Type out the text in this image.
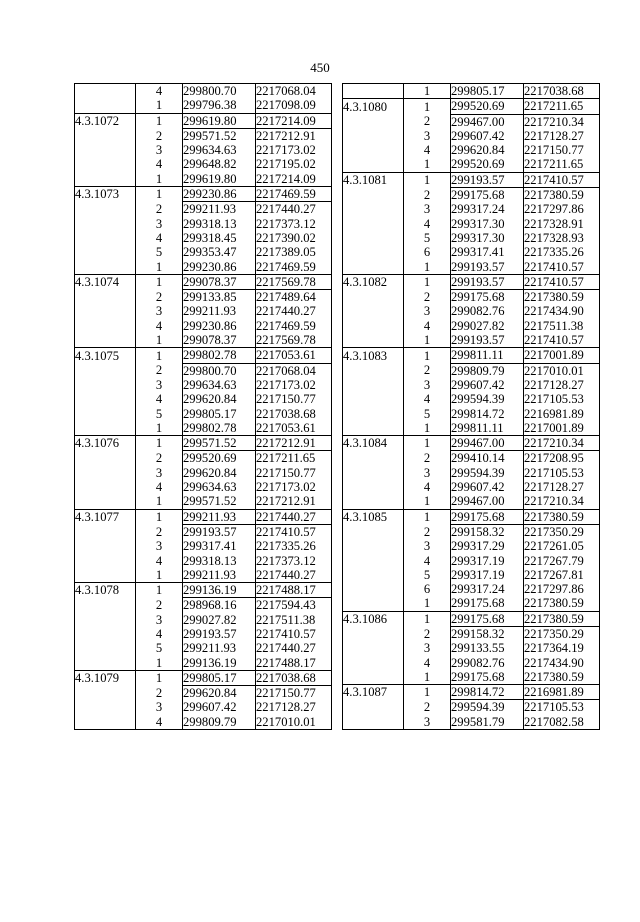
450
	4	299800.70	2217068.04
	1	299796.38	2217098.09
4.3.1072	1	299619.80	2217214.09
	2	299571.52	2217212.91
	3	299634.63	2217173.02
	4	299648.82	2217195.02
	1	299619.80	2217214.09
4.3.1073	1	299230.86	2217469.59
	2	299211.93	2217440.27
	3	299318.13	2217373.12
	4	299318.45	2217390.02
	5	299353.47	2217389.05
	1	299230.86	2217469.59
4.3.1074	1	299078.37	2217569.78
	2	299133.85	2217489.64
	3	299211.93	2217440.27
	4	299230.86	2217469.59
	1	299078.37	2217569.78
4.3.1075	1	299802.78	2217053.61
	2	299800.70	2217068.04
	3	299634.63	2217173.02
	4	299620.84	2217150.77
	5	299805.17	2217038.68
	1	299802.78	2217053.61
4.3.1076	1	299571.52	2217212.91
	2	299520.69	2217211.65
	3	299620.84	2217150.77
	4	299634.63	2217173.02
	1	299571.52	2217212.91
4.3.1077	1	299211.93	2217440.27
	2	299193.57	2217410.57
	3	299317.41	2217335.26
	4	299318.13	2217373.12
	1	299211.93	2217440.27
4.3.1078	1	299136.19	2217488.17
	2	298968.16	2217594.43
	3	299027.82	2217511.38
	4	299193.57	2217410.57
	5	299211.93	2217440.27
	1	299136.19	2217488.17
4.3.1079	1	299805.17	2217038.68
	2	299620.84	2217150.77
	3	299607.42	2217128.27
	4	299809.79	2217010.01
	1	299805.17	2217038.68
4.3.1080	1	299520.69	2217211.65
	2	299467.00	2217210.34
	3	299607.42	2217128.27
	4	299620.84	2217150.77
	1	299520.69	2217211.65
4.3.1081	1	299193.57	2217410.57
	2	299175.68	2217380.59
	3	299317.24	2217297.86
	4	299317.30	2217328.91
	5	299317.30	2217328.93
	6	299317.41	2217335.26
	1	299193.57	2217410.57
4.3.1082	1	299193.57	2217410.57
	2	299175.68	2217380.59
	3	299082.76	2217434.90
	4	299027.82	2217511.38
	1	299193.57	2217410.57
4.3.1083	1	299811.11	2217001.89
	2	299809.79	2217010.01
	3	299607.42	2217128.27
	4	299594.39	2217105.53
	5	299814.72	2216981.89
	1	299811.11	2217001.89
4.3.1084	1	299467.00	2217210.34
	2	299410.14	2217208.95
	3	299594.39	2217105.53
	4	299607.42	2217128.27
	1	299467.00	2217210.34
4.3.1085	1	299175.68	2217380.59
	2	299158.32	2217350.29
	3	299317.29	2217261.05
	4	299317.19	2217267.79
	5	299317.19	2217267.81
	6	299317.24	2217297.86
	1	299175.68	2217380.59
4.3.1086	1	299175.68	2217380.59
	2	299158.32	2217350.29
	3	299133.55	2217364.19
	4	299082.76	2217434.90
	1	299175.68	2217380.59
4.3.1087	1	299814.72	2216981.89
	2	299594.39	2217105.53
	3	299581.79	2217082.58
